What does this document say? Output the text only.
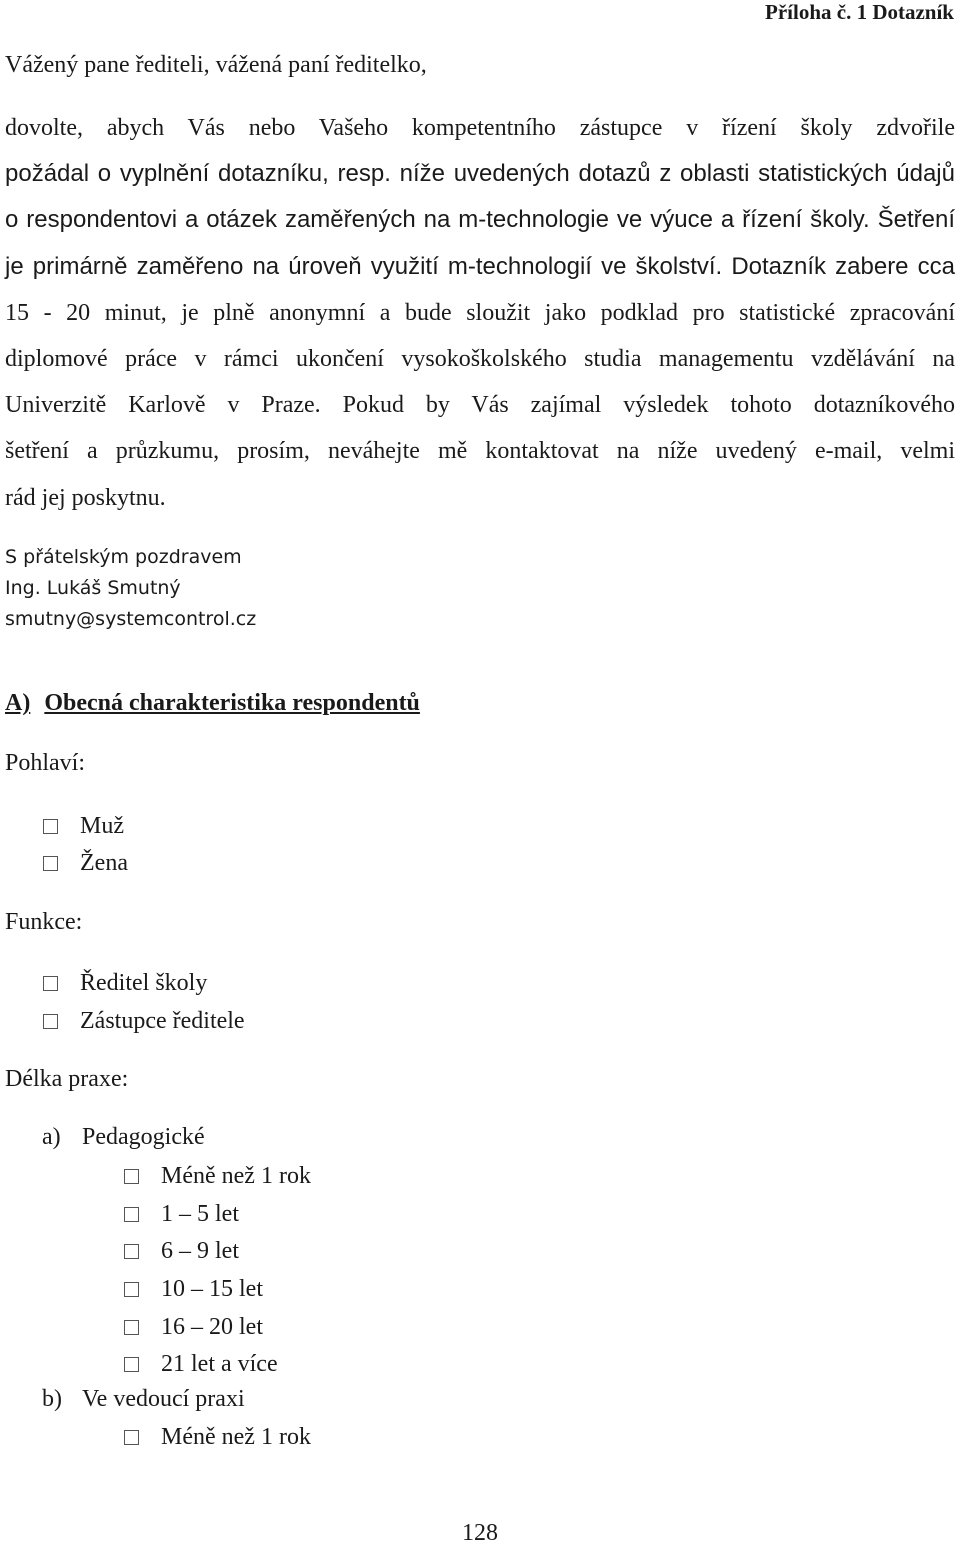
Příloha č. 1 Dotazník
Vážený pane řediteli, vážená paní ředitelko,
dovolte, abych Vás nebo Vašeho kompetentního zástupce v řízení školy zdvořile
požádal o vyplnění dotazníku, resp. níže uvedených dotazů z oblasti statistických údajů
o respondentovi a otázek zaměřených na m-technologie ve výuce a řízení školy. Šetření
je primárně zaměřeno na úroveň využití m-technologií ve školství. Dotazník zabere cca
15 - 20 minut, je plně anonymní a bude sloužit jako podklad pro statistické zpracování
diplomové práce v rámci ukončení vysokoškolského studia managementu vzdělávání na
Univerzitě Karlově v Praze. Pokud by Vás zajímal výsledek tohoto dotazníkového
šetření a průzkumu, prosím, neváhejte mě kontaktovat na níže uvedený e-mail, velmi
rád jej poskytnu.
S přátelským pozdravem
Ing. Lukáš Smutný
smutny@systemcontrol.cz
A) Obecná charakteristika respondentů
Pohlaví:
Muž
Žena
Funkce:
Ředitel školy
Zástupce ředitele
Délka praxe:
a) Pedagogické
Méně než 1 rok
1 – 5 let
6 – 9 let
10 – 15 let
16 – 20 let
21 let a více
b) Ve vedoucí praxi
Méně než 1 rok
128
